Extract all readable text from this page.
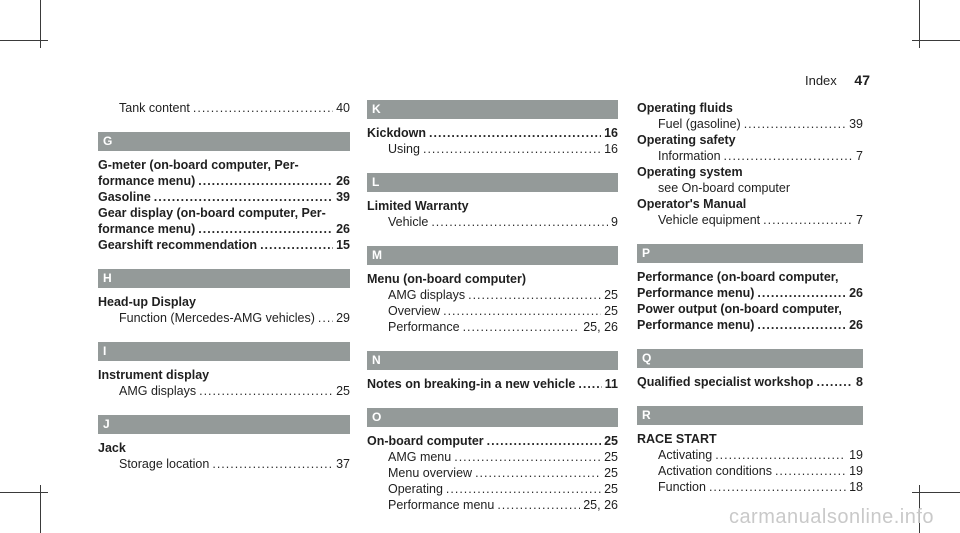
Index 47
Tank content .....	40
G
G-meter (on-board computer, Per-
formance menu) .....	26
Gasoline .....	39
Gear display (on-board computer, Per-
formance menu) .....	26
Gearshift recommendation .....	15
H
Head-up Display
Function (Mercedes-AMG vehicles) ..... 29
I
Instrument display
AMG displays .....	25
J
Jack
Storage location .....	37
K
Kickdown .....	16
Using .....	16
L
Limited Warranty
Vehicle .....	9
M
Menu (on-board computer)
AMG displays .....	25
Overview .....	25
Performance .....	25, 26
N
Notes on breaking-in a new vehicle ..... 11
O
On-board computer .....	25
AMG menu .....	25
Menu overview .....	25
Operating .....	25
Performance menu .....	25, 26
Operating fluids
Fuel (gasoline) .....	39
Operating safety
Information .....	7
Operating system
see On-board computer
Operator's Manual
Vehicle equipment .....	7
P
Performance (on-board computer,
Performance menu) .....	26
Power output (on-board computer,
Performance menu) .....	26
Q
Qualified specialist workshop .....	8
R
RACE START
Activating .....	19
Activation conditions .....	19
Function .....	18
carmanualsonline.info
